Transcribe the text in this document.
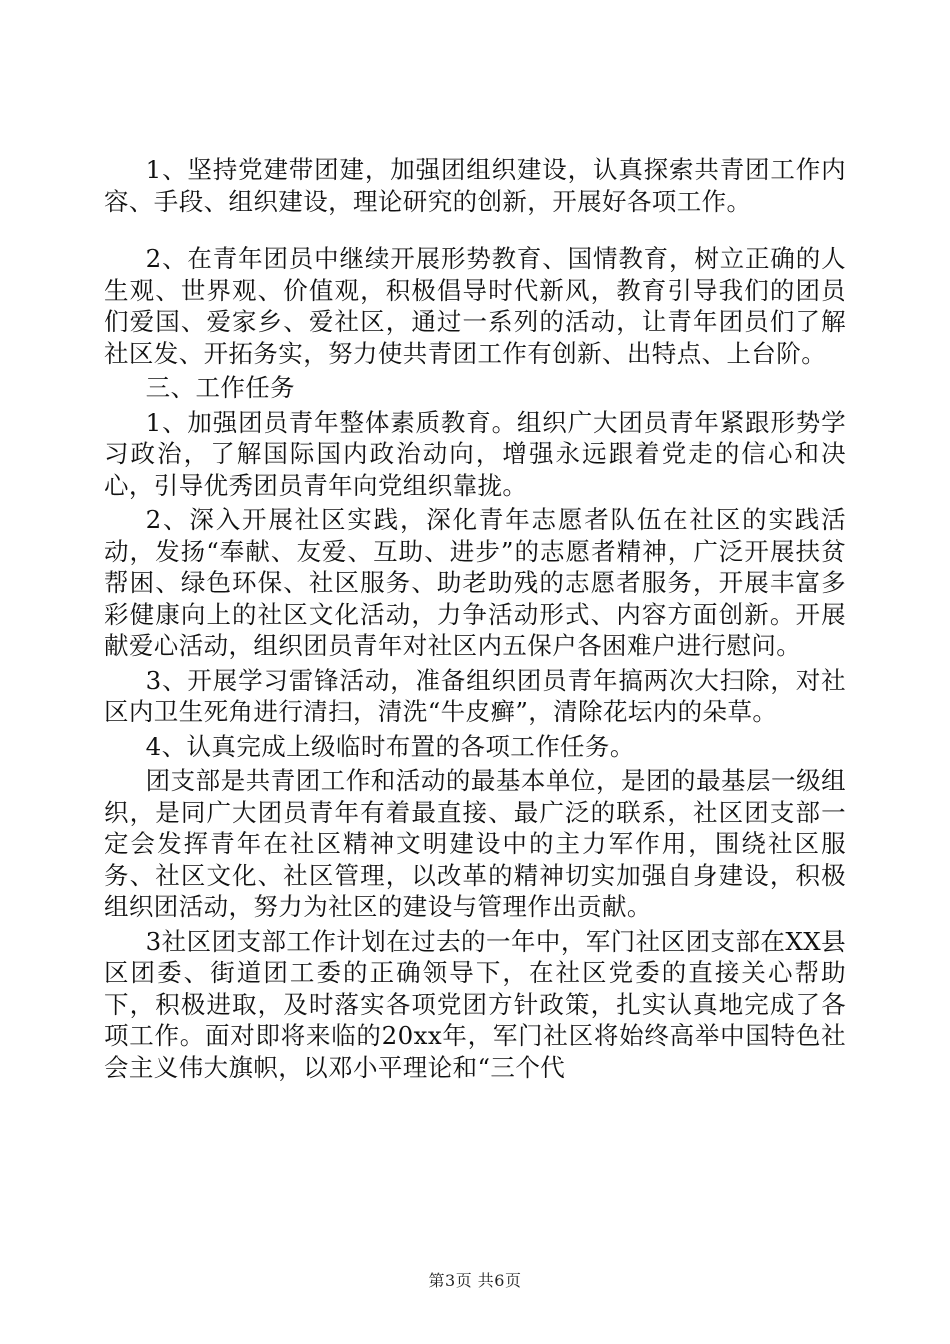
1、坚持党建带团建，加强团组织建设，认真探索共青团工作内容、手段、组织建设，理论研究的创新，开展好各项工作。

2、在青年团员中继续开展形势教育、国情教育，树立正确的人生观、世界观、价值观，积极倡导时代新风，教育引导我们的团员们爱国、爱家乡、爱社区，通过一系列的活动，让青年团员们了解社区发、开拓务实，努力使共青团工作有创新、出特点、上台阶。

三、工作任务

1、加强团员青年整体素质教育。组织广大团员青年紧跟形势学习政治，了解国际国内政治动向，增强永远跟着党走的信心和决心，引导优秀团员青年向党组织靠拢。

2、深入开展社区实践，深化青年志愿者队伍在社区的实践活动，发扬“奉献、友爱、互助、进步”的志愿者精神，广泛开展扶贫帮困、绿色环保、社区服务、助老助残的志愿者服务，开展丰富多彩健康向上的社区文化活动，力争活动形式、内容方面创新。开展献爱心活动，组织团员青年对社区内五保户各困难户进行慰问。

3、开展学习雷锋活动，准备组织团员青年搞两次大扫除，对社区内卫生死角进行清扫，清洗“牛皮癣”，清除花坛内的朵草。

4、认真完成上级临时布置的各项工作任务。

团支部是共青团工作和活动的最基本单位，是团的最基层一级组织，是同广大团员青年有着最直接、最广泛的联系，社区团支部一定会发挥青年在社区精神文明建设中的主力军作用，围绕社区服务、社区文化、社区管理，以改革的精神切实加强自身建设，积极组织团活动，努力为社区的建设与管理作出贡献。

3社区团支部工作计划在过去的一年中，军门社区团支部在XX县区团委、街道团工委的正确领导下，在社区党委的直接关心帮助下，积极进取，及时落实各项党团方针政策，扎实认真地完成了各项工作。面对即将来临的20xx年，军门社区将始终高举中国特色社会主义伟大旗帜，以邓小平理论和“三个代

第3页 共6页
